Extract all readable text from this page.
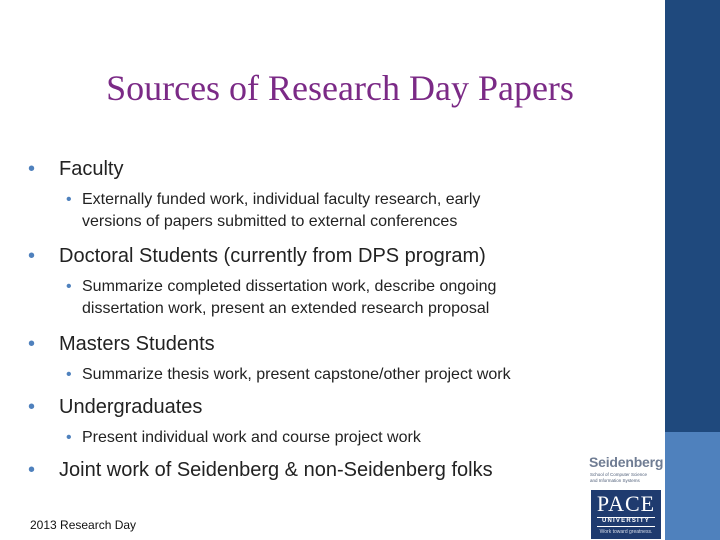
Sources of Research Day Papers
•	Faculty
• Externally funded work, individual faculty research, early
versions of papers submitted to external conferences
•	Doctoral Students (currently from DPS program)
• Summarize completed dissertation work, describe ongoing
dissertation work, present an extended research proposal
•	Masters Students
• Summarize thesis work, present capstone/other project work
•	Undergraduates
• Present individual work and course project work
•	Joint work of Seidenberg & non-Seidenberg folks
2013 Research Day
Seidenberg
School of Computer Science
and Information Systems
PACE
UNIVERSITY
Work toward greatness.
